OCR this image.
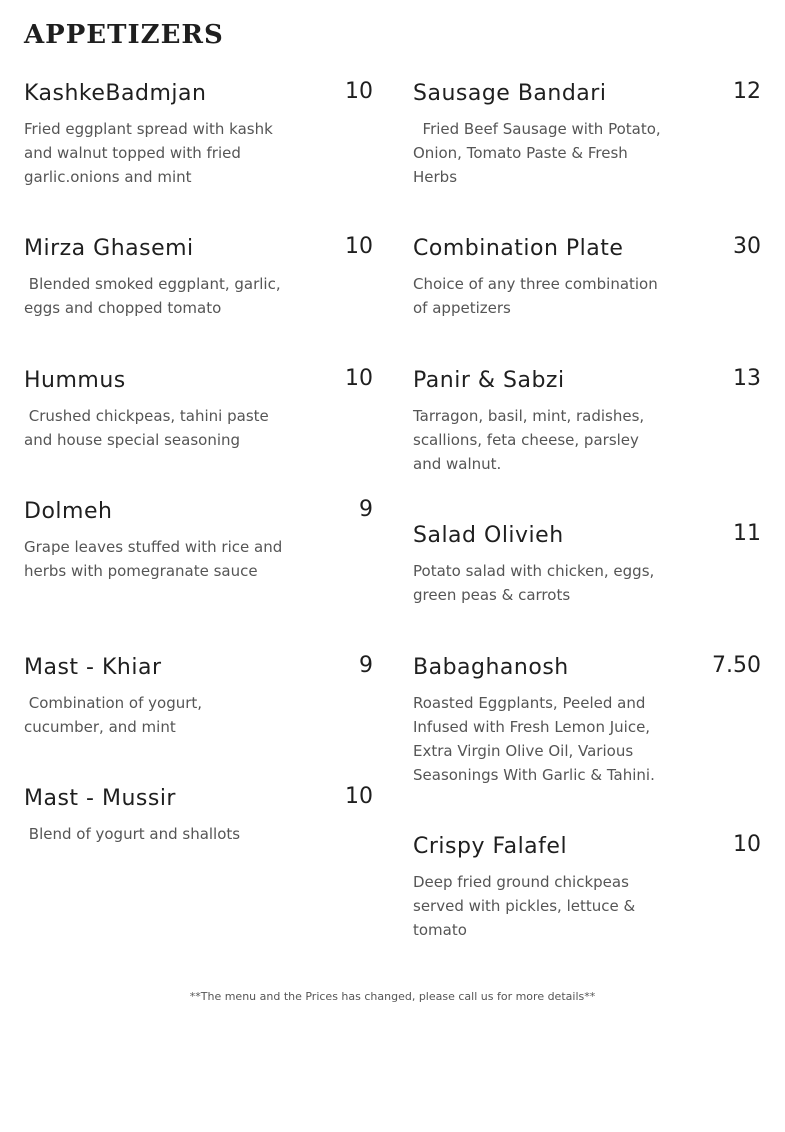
APPETIZERS
KashkeBadmjan	10
Fried eggplant spread with kashk and walnut topped with fried garlic.onions and mint
Mirza Ghasemi	10
Blended smoked eggplant, garlic, eggs and chopped tomato
Hummus	10
Crushed chickpeas, tahini paste and house special seasoning
Dolmeh	9
Grape leaves stuffed with rice and herbs with pomegranate sauce
Mast - Khiar	9
Combination of yogurt, cucumber, and mint
Mast - Mussir	10
Blend of yogurt and shallots
Sausage Bandari	12
Fried Beef Sausage with Potato, Onion, Tomato Paste & Fresh Herbs
Combination Plate	30
Choice of any three combination of appetizers
Panir & Sabzi	13
Tarragon, basil, mint, radishes, scallions, feta cheese, parsley and walnut.
Salad Olivieh	11
Potato salad with chicken, eggs, green peas & carrots
Babaghanosh	7.50
Roasted Eggplants, Peeled and Infused with Fresh Lemon Juice, Extra Virgin Olive Oil, Various Seasonings With Garlic & Tahini.
Crispy Falafel	10
Deep fried ground chickpeas served with pickles, lettuce & tomato
**The menu and the Prices has changed, please call us for more details**
